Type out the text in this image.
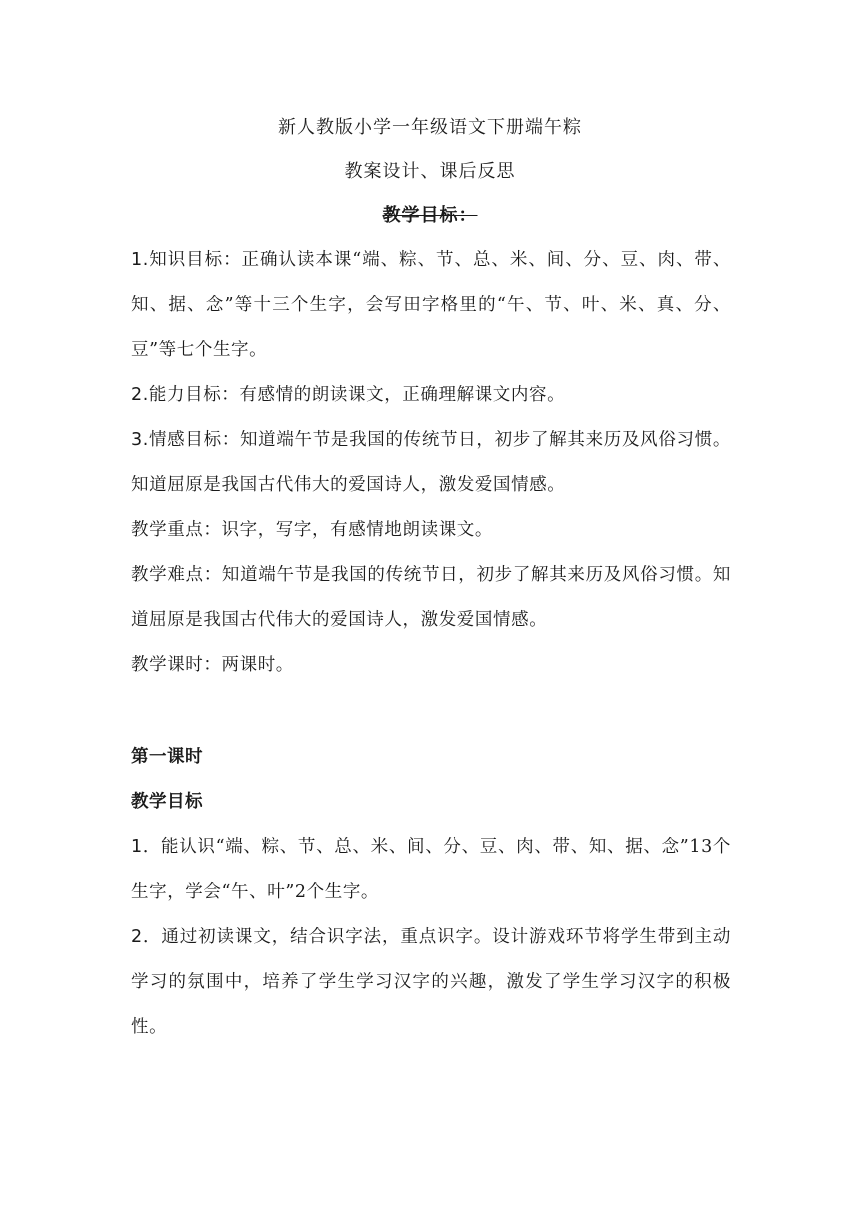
新人教版小学一年级语文下册端午粽
教案设计、课后反思
教学目标：

1.知识目标：正确认读本课“端、粽、节、总、米、间、分、豆、肉、带、知、据、念”等十三个生字，会写田字格里的“午、节、叶、米、真、分、豆”等七个生字。

2.能力目标：有感情的朗读课文，正确理解课文内容。

3.情感目标：知道端午节是我国的传统节日，初步了解其来历及风俗习惯。知道屈原是我国古代伟大的爱国诗人，激发爱国情感。

教学重点：识字，写字，有感情地朗读课文。

教学难点：知道端午节是我国的传统节日，初步了解其来历及风俗习惯。知道屈原是我国古代伟大的爱国诗人，激发爱国情感。

教学课时：两课时。

第一课时

教学目标

1．能认识“端、粽、节、总、米、间、分、豆、肉、带、知、据、念”13个生字，学会“午、叶”2个生字。

2．通过初读课文，结合识字法，重点识字。设计游戏环节将学生带到主动学习的氛围中，培养了学生学习汉字的兴趣，激发了学生学习汉字的积极性。
